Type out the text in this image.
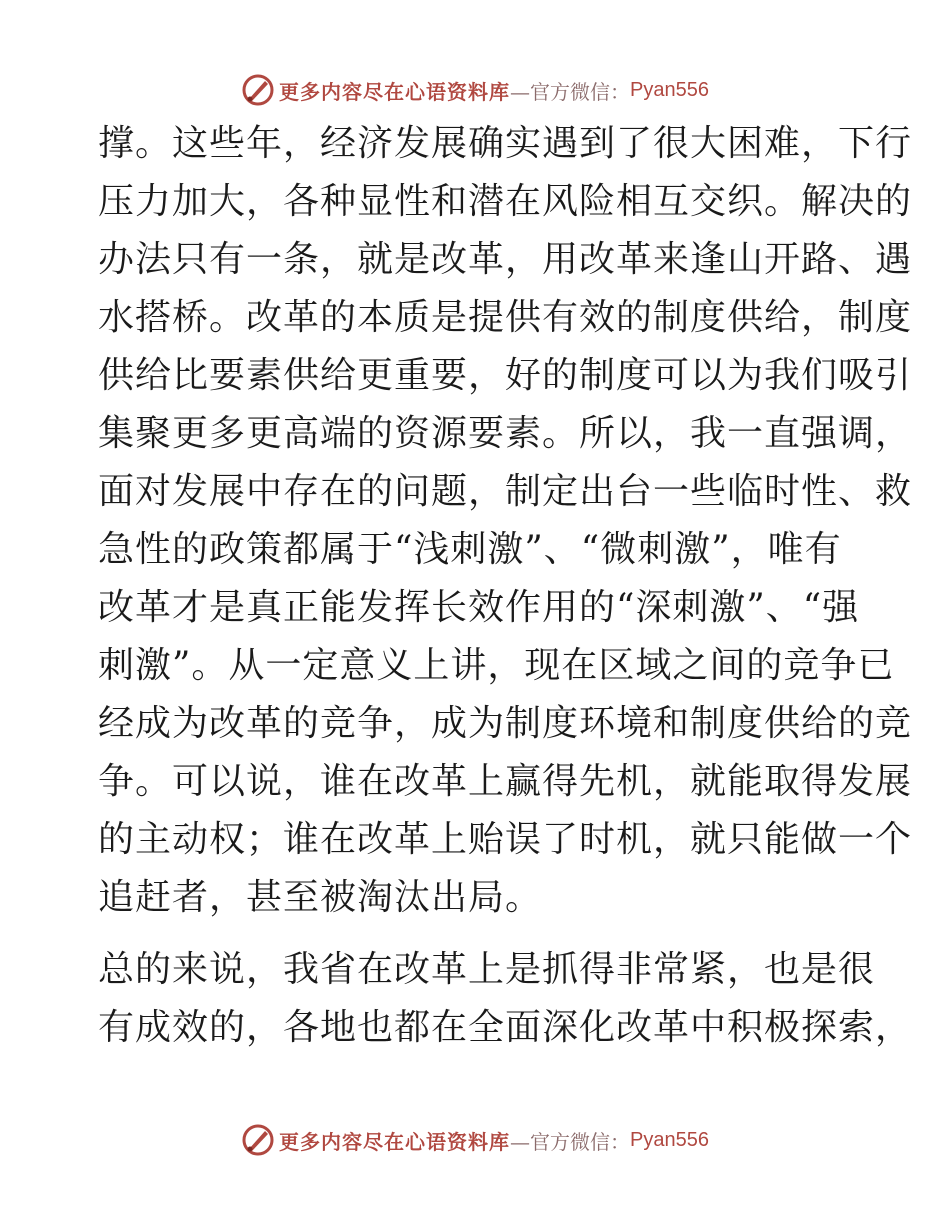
更多内容尽在心语资料库 —官方微信： Pyan556
撑。这些年，经济发展确实遇到了很大困难，下行
压力加大，各种显性和潜在风险相互交织。解决的
办法只有一条，就是改革，用改革来逢山开路、遇
水搭桥。改革的本质是提供有效的制度供给，制度
供给比要素供给更重要，好的制度可以为我们吸引
集聚更多更高端的资源要素。所以，我一直强调，
面对发展中存在的问题，制定出台一些临时性、救
急性的政策都属于“浅刺激”、“微刺激”，唯有
改革才是真正能发挥长效作用的“深刺激”、“强
刺激”。从一定意义上讲，现在区域之间的竞争已
经成为改革的竞争，成为制度环境和制度供给的竞
争。可以说，谁在改革上赢得先机，就能取得发展
的主动权；谁在改革上贻误了时机，就只能做一个
追赶者，甚至被淘汰出局。
总的来说，我省在改革上是抓得非常紧，也是很
有成效的，各地也都在全面深化改革中积极探索，
更多内容尽在心语资料库 —官方微信： Pyan556
